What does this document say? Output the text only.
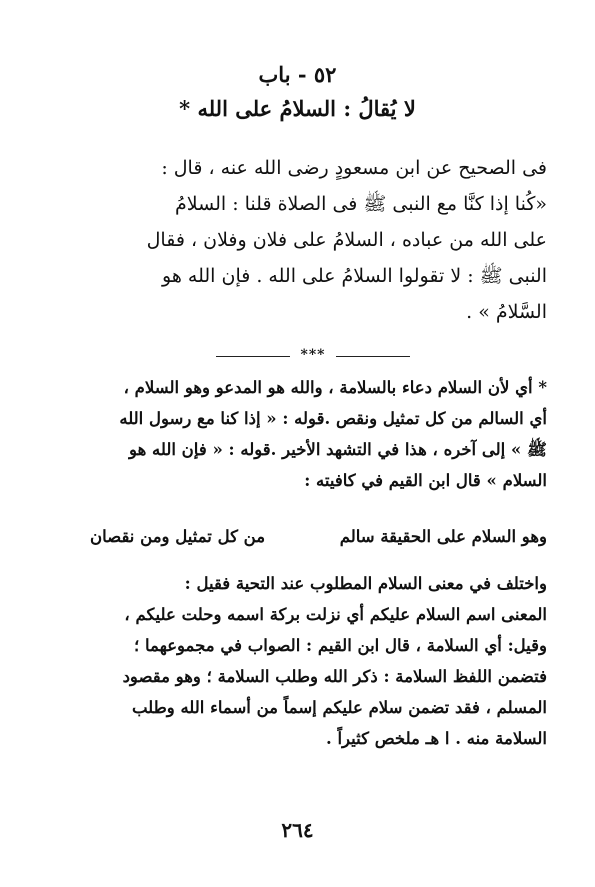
٥٢ - باب
لا يُقالُ : السلامُ على الله *

فى الصحيح عن ابن مسعودٍ رضى الله عنه ، قال :

«كُنا إذا كنَّا مع النبى ﷺ فى الصلاة قلنا : السلامُ

على الله من عباده ، السلامُ على فلان وفلان ، فقال

النبى ﷺ : لا تقولوا السلامُ على الله . فإن الله هو

السَّلامُ » .

***

* أي لأن السلام دعاء بالسلامة ، والله هو المدعو وهو السلام ،

أي السالم من كل تمثيل ونقص .قوله : « إذا كنا مع رسول الله

ﷺ » إلى آخره ، هذا في التشهد الأخير .قوله : « فإن الله هو

السلام » قال ابن القيم في كافيته :

وهو السلام على الحقيقة سالم
من كل تمثيل ومن نقصان

واختلف في معنى السلام المطلوب عند التحية فقيل :

المعنى اسم السلام عليكم أي نزلت بركة اسمه وحلت عليكم ،

وقيل: أي السلامة ، قال ابن القيم : الصواب في مجموعهما ؛

فتضمن اللفظ السلامة : ذكر الله وطلب السلامة ؛ وهو مقصود

المسلم ، فقد تضمن سلام عليكم إسماً من أسماء الله وطلب

السلامة منه . ا هـ ملخص كثيراً .

٢٦٤
